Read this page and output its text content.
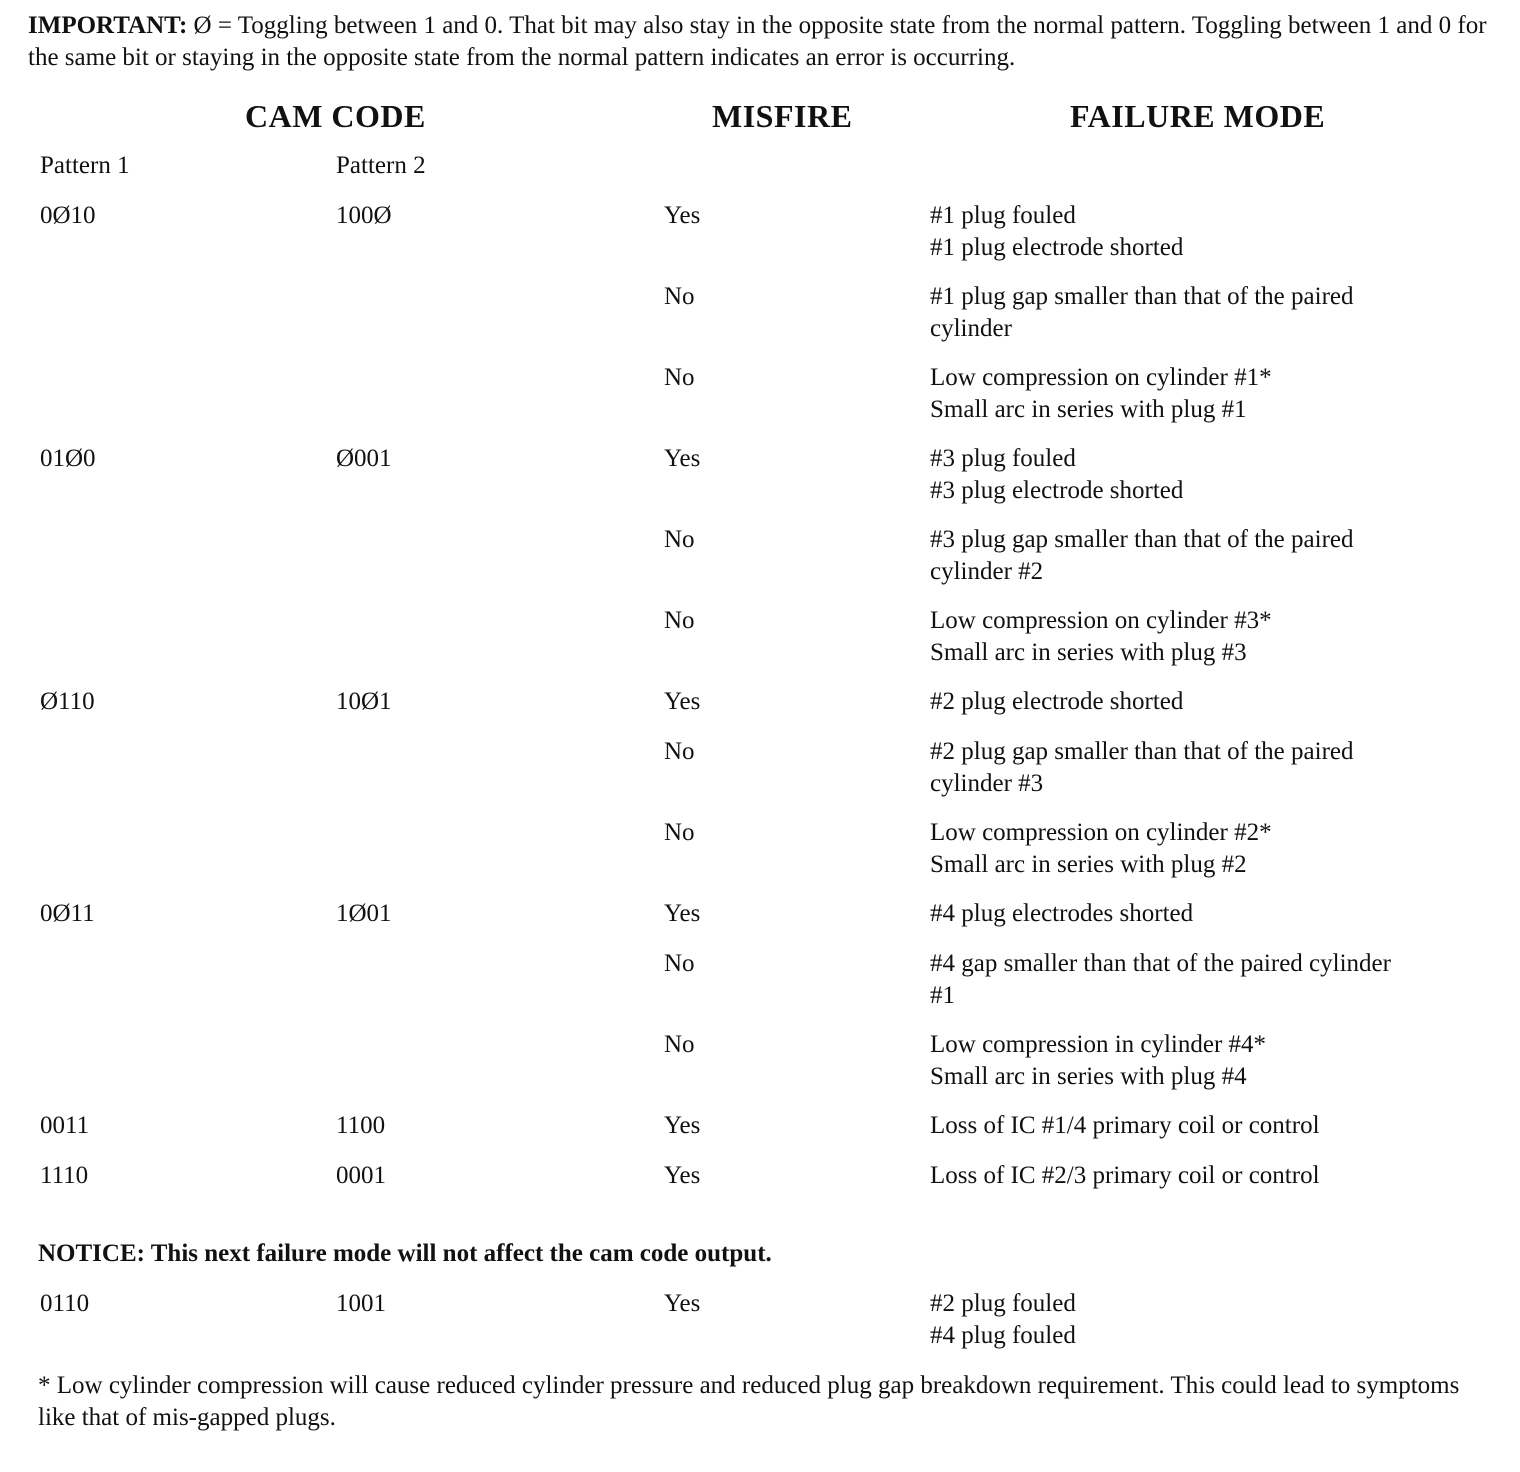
IMPORTANT: Ø = Toggling between 1 and 0. That bit may also stay in the opposite state from the normal pattern. Toggling between 1 and 0 for the same bit or staying in the opposite state from the normal pattern indicates an error is occurring.

CAM CODE	MISFIRE	FAILURE MODE

Pattern 1	Pattern 2

0Ø10	100Ø	Yes	#1 plug fouled
#1 plug electrode shorted
No	#1 plug gap smaller than that of the paired
cylinder
No	Low compression on cylinder #1*
Small arc in series with plug #1
01Ø0	Ø001	Yes	#3 plug fouled
#3 plug electrode shorted
No	#3 plug gap smaller than that of the paired
cylinder #2
No	Low compression on cylinder #3*
Small arc in series with plug #3
Ø110	10Ø1	Yes	#2 plug electrode shorted
No	#2 plug gap smaller than that of the paired
cylinder #3
No	Low compression on cylinder #2*
Small arc in series with plug #2
0Ø11	1Ø01	Yes	#4 plug electrodes shorted
No	#4 gap smaller than that of the paired cylinder
#1
No	Low compression in cylinder #4*
Small arc in series with plug #4
0011	1100	Yes	Loss of IC #1/4 primary coil or control
1110	0001	Yes	Loss of IC #2/3 primary coil or control

NOTICE: This next failure mode will not affect the cam code output.

0110	1001	Yes	#2 plug fouled
#4 plug fouled

* Low cylinder compression will cause reduced cylinder pressure and reduced plug gap breakdown requirement. This could lead to symptoms like that of mis-gapped plugs.
